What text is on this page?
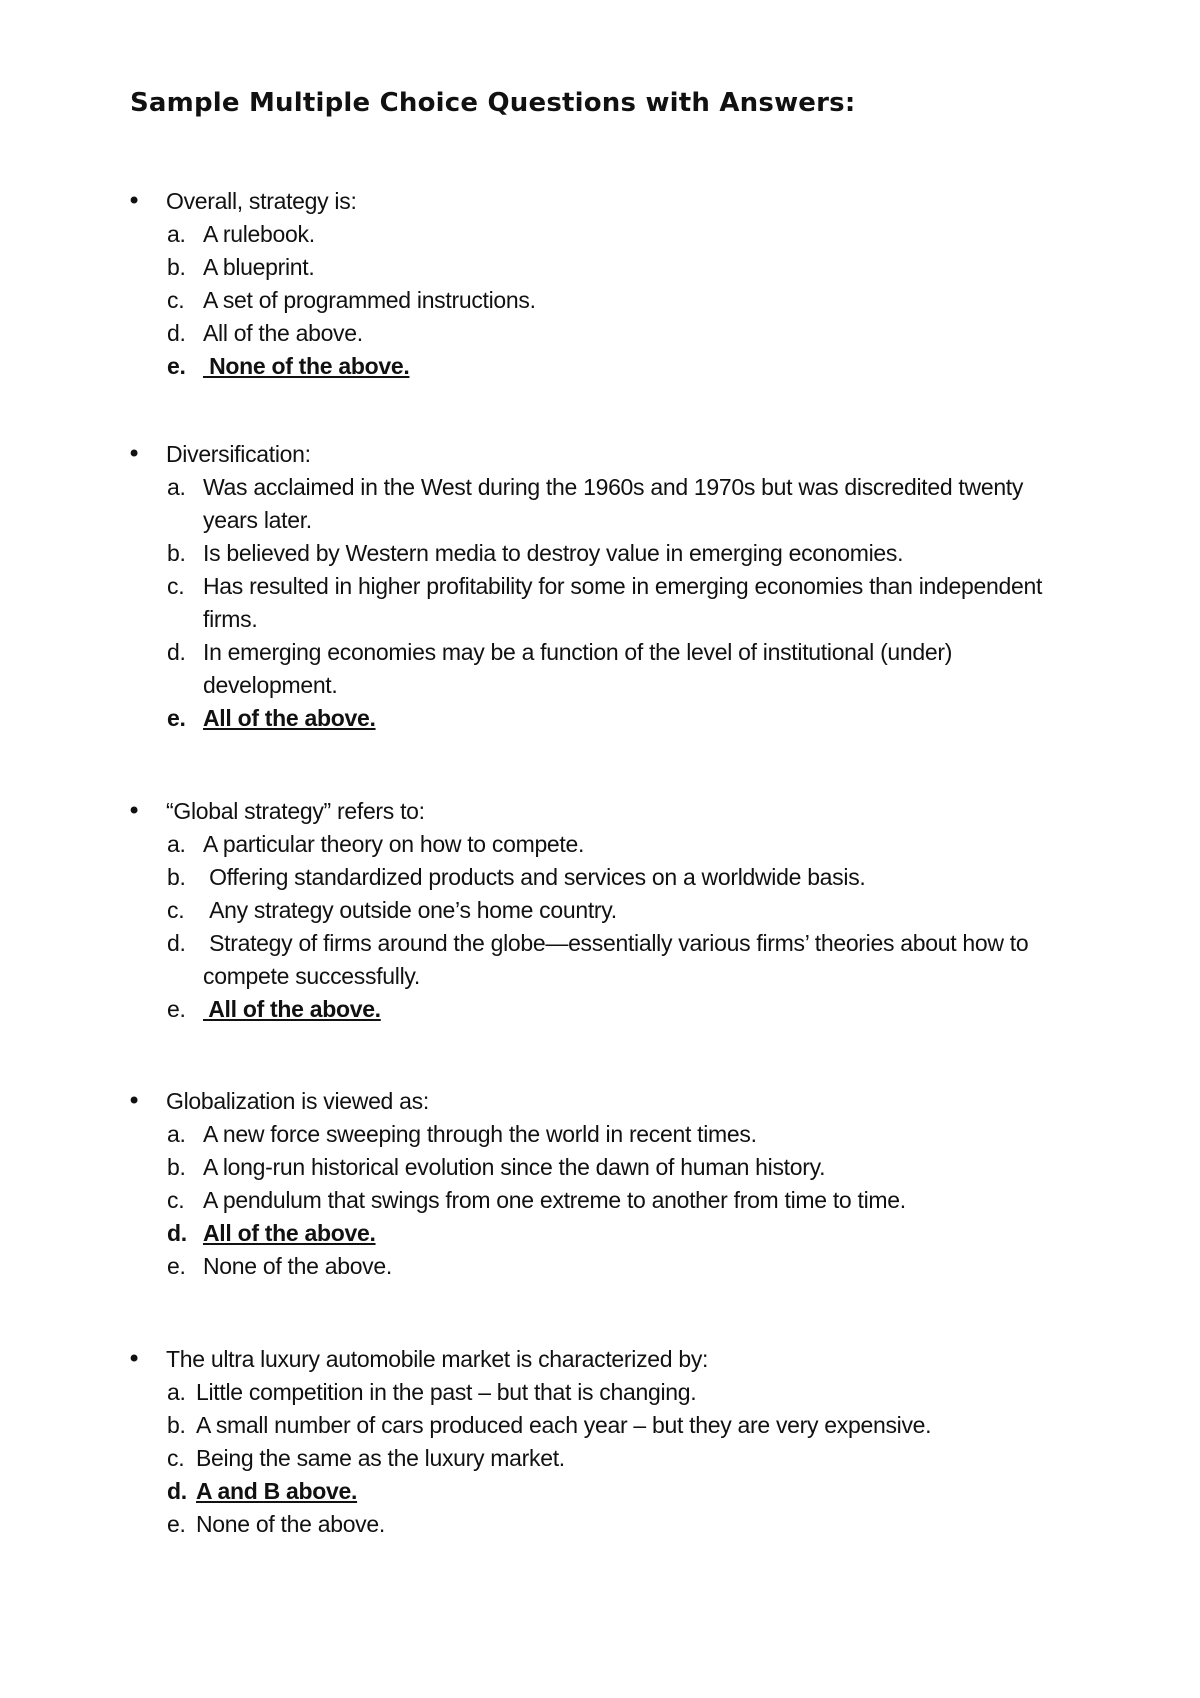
Sample Multiple Choice Questions with Answers:
• Overall, strategy is:
a. A rulebook.
b. A blueprint.
c. A set of programmed instructions.
d. All of the above.
e. None of the above.
• Diversification:
a. Was acclaimed in the West during the 1960s and 1970s but was discredited twenty years later.
b. Is believed by Western media to destroy value in emerging economies.
c. Has resulted in higher profitability for some in emerging economies than independent firms.
d. In emerging economies may be a function of the level of institutional (under) development.
e. All of the above.
• “Global strategy” refers to:
a. A particular theory on how to compete.
b. Offering standardized products and services on a worldwide basis.
c. Any strategy outside one’s home country.
d. Strategy of firms around the globe—essentially various firms’ theories about how to compete successfully.
e. All of the above.
• Globalization is viewed as:
a. A new force sweeping through the world in recent times.
b. A long-run historical evolution since the dawn of human history.
c. A pendulum that swings from one extreme to another from time to time.
d. All of the above.
e. None of the above.
• The ultra luxury automobile market is characterized by:
a. Little competition in the past – but that is changing.
b. A small number of cars produced each year – but they are very expensive.
c. Being the same as the luxury market.
d. A and B above.
e. None of the above.
